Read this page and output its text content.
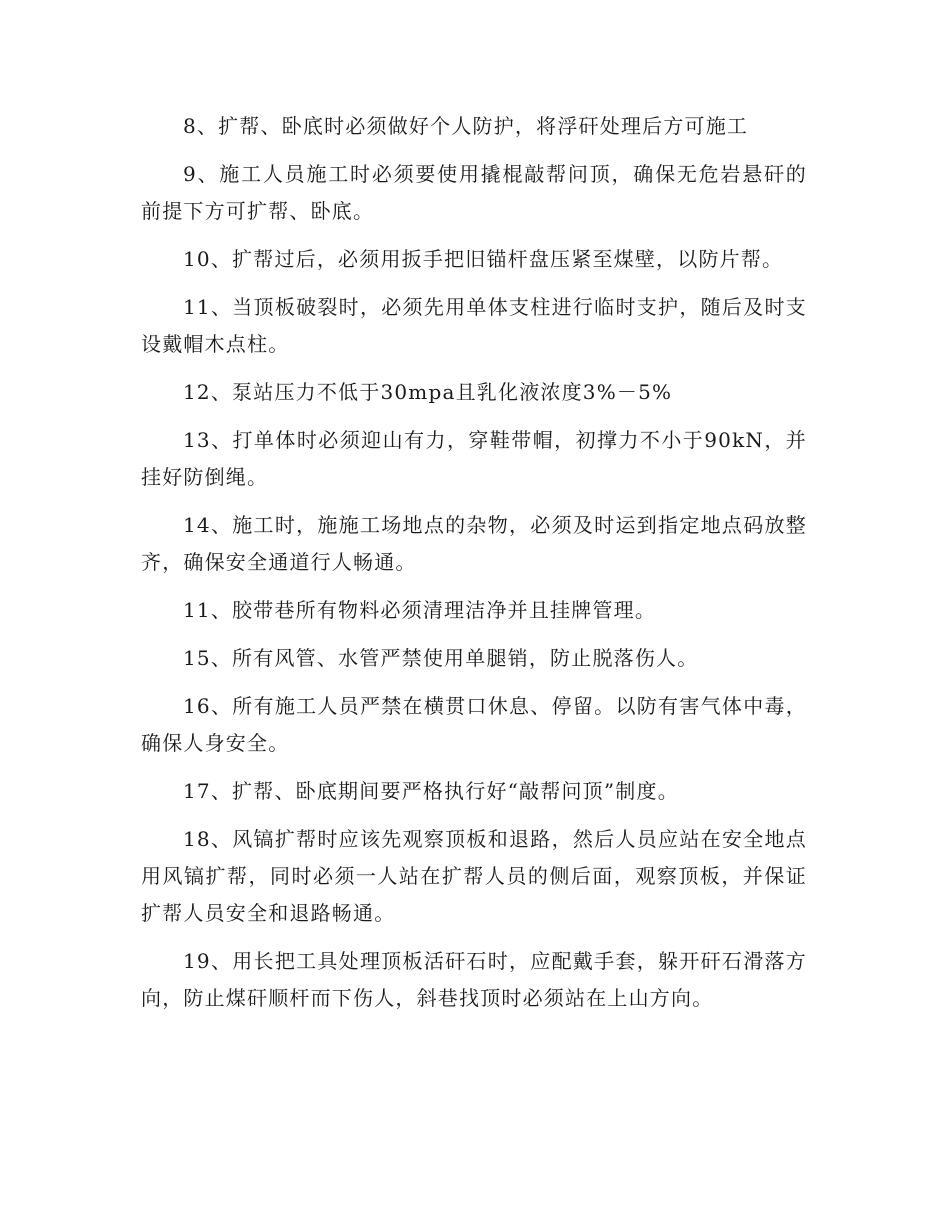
8、扩帮、卧底时必须做好个人防护，将浮矸处理后方可施工

9、施工人员施工时必须要使用撬棍敲帮问顶，确保无危岩悬矸的前提下方可扩帮、卧底。

10、扩帮过后，必须用扳手把旧锚杆盘压紧至煤壁，以防片帮。

11、当顶板破裂时，必须先用单体支柱进行临时支护，随后及时支设戴帽木点柱。

12、泵站压力不低于30mpa且乳化液浓度3%－5%

13、打单体时必须迎山有力，穿鞋带帽，初撑力不小于90kN，并挂好防倒绳。

14、施工时，施施工场地点的杂物，必须及时运到指定地点码放整齐，确保安全通道行人畅通。

11、胶带巷所有物料必须清理洁净并且挂牌管理。

15、所有风管、水管严禁使用单腿销，防止脱落伤人。

16、所有施工人员严禁在横贯口休息、停留。以防有害气体中毒，确保人身安全。

17、扩帮、卧底期间要严格执行好“敲帮问顶”制度。

18、风镐扩帮时应该先观察顶板和退路，然后人员应站在安全地点用风镐扩帮，同时必须一人站在扩帮人员的侧后面，观察顶板，并保证扩帮人员安全和退路畅通。

19、用长把工具处理顶板活矸石时，应配戴手套，躲开矸石滑落方向，防止煤矸顺杆而下伤人，斜巷找顶时必须站在上山方向。
